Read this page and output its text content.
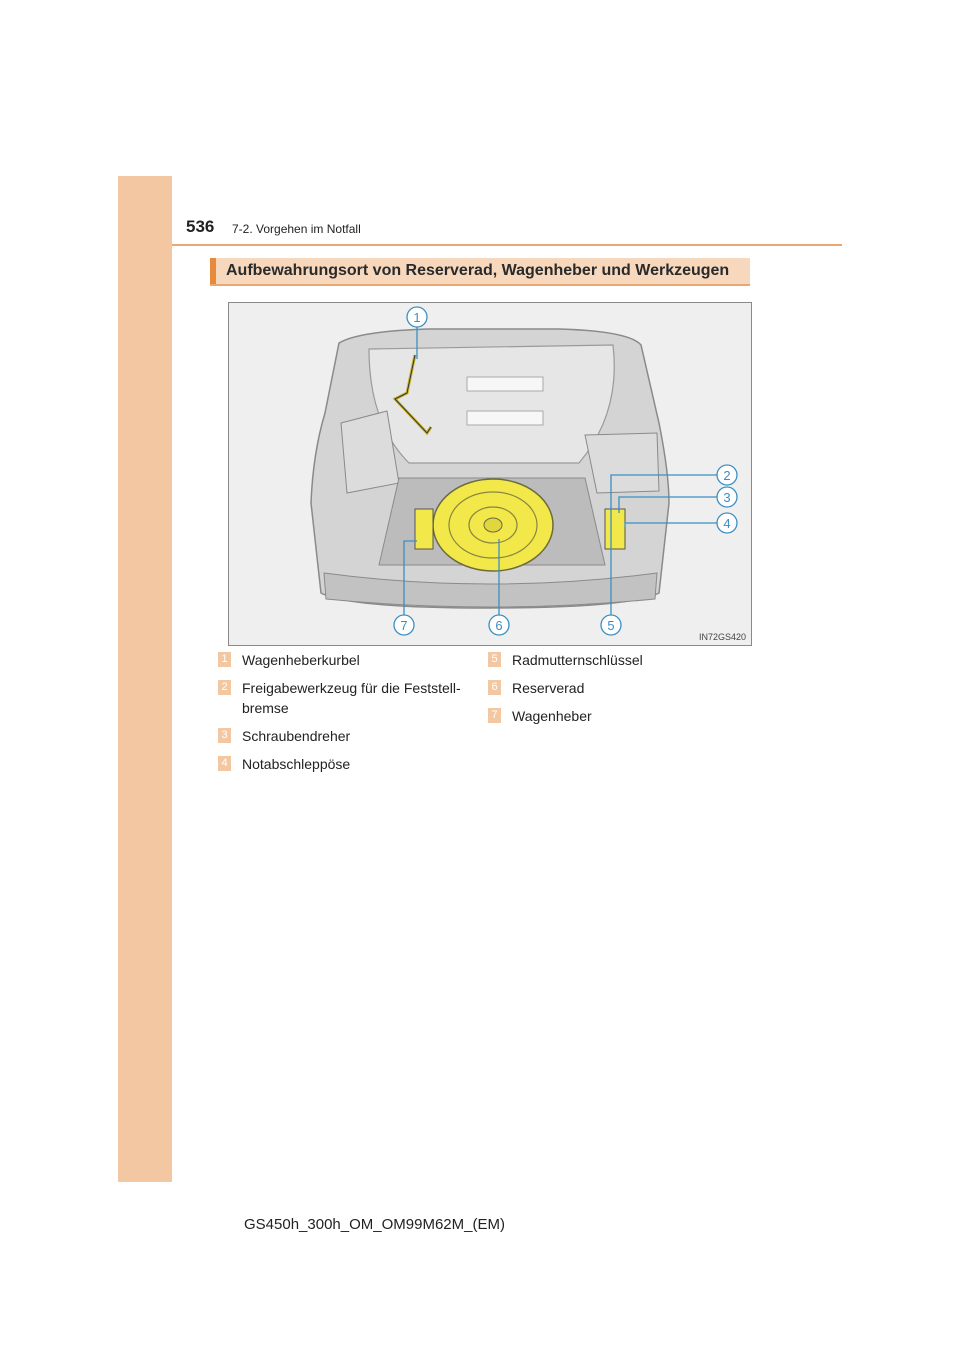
536 7-2. Vorgehen im Notfall
Aufbewahrungsort von Reserverad, Wagenheber und Werkzeugen
1
2
3
4
5
6
7
IN72GS420
1 Wagenheberkurbel
2 Freigabewerkzeug für die Feststell-bremse
3 Schraubendreher
4 Notabschleppöse
5 Radmutternschlüssel
6 Reserverad
7 Wagenheber
GS450h_300h_OM_OM99M62M_(EM)
